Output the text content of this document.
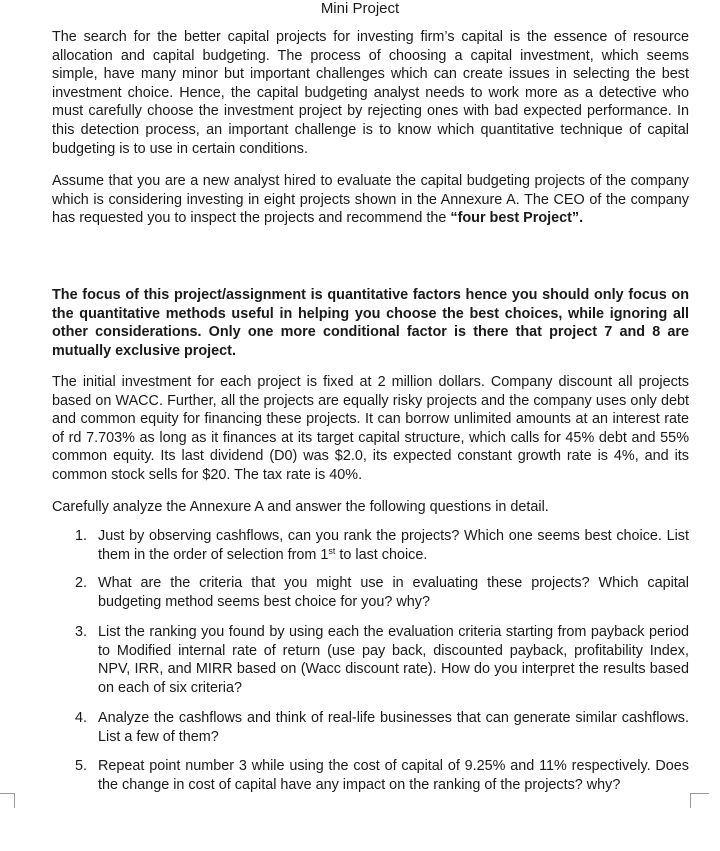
Mini Project

The search for the better capital projects for investing firm’s capital is the essence of resource allocation and capital budgeting. The process of choosing a capital investment, which seems simple, have many minor but important challenges which can create issues in selecting the best investment choice. Hence, the capital budgeting analyst needs to work more as a detective who must carefully choose the investment project by rejecting ones with bad expected performance. In this detection process, an important challenge is to know which quantitative technique of capital budgeting is to use in certain conditions.

Assume that you are a new analyst hired to evaluate the capital budgeting projects of the company which is considering investing in eight projects shown in the Annexure A. The CEO of the company has requested you to inspect the projects and recommend the “four best Project”.

The focus of this project/assignment is quantitative factors hence you should only focus on the quantitative methods useful in helping you choose the best choices, while ignoring all other considerations. Only one more conditional factor is there that project 7 and 8 are mutually exclusive project.

The initial investment for each project is fixed at 2 million dollars. Company discount all projects based on WACC. Further, all the projects are equally risky projects and the company uses only debt and common equity for financing these projects. It can borrow unlimited amounts at an interest rate of rd 7.703% as long as it finances at its target capital structure, which calls for 45% debt and 55% common equity. Its last dividend (D0) was $2.0, its expected constant growth rate is 4%, and its common stock sells for $20. The tax rate is 40%.

Carefully analyze the Annexure A and answer the following questions in detail.

1. Just by observing cashflows, can you rank the projects? Which one seems best choice. List them in the order of selection from 1st to last choice.
2. What are the criteria that you might use in evaluating these projects? Which capital budgeting method seems best choice for you? why?
3. List the ranking you found by using each the evaluation criteria starting from payback period to Modified internal rate of return (use pay back, discounted payback, profitability Index, NPV, IRR, and MIRR based on (Wacc discount rate). How do you interpret the results based on each of six criteria?
4. Analyze the cashflows and think of real-life businesses that can generate similar cashflows. List a few of them?
5. Repeat point number 3 while using the cost of capital of 9.25% and 11% respectively. Does the change in cost of capital have any impact on the ranking of the projects? why?
